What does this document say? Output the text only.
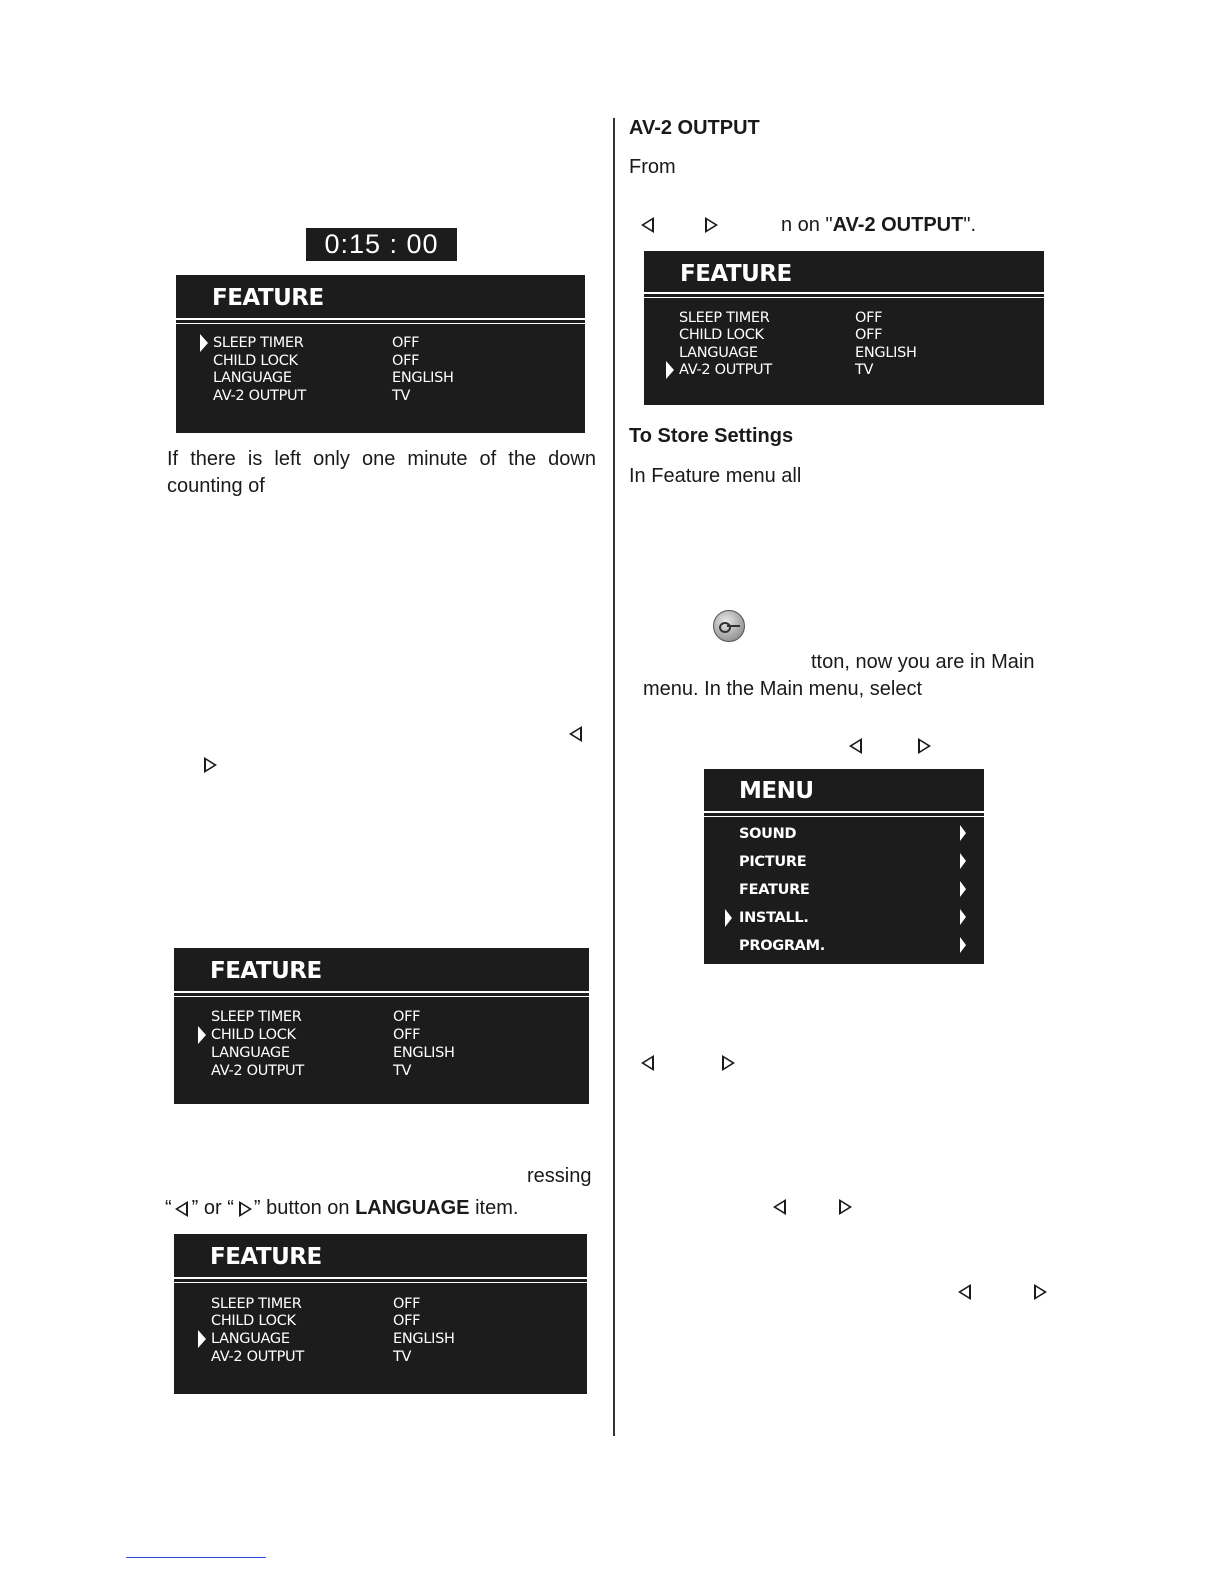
0:15 : 00
FEATURE
SLEEP TIMER	OFF
CHILD LOCK	OFF
LANGUAGE	ENGLISH
AV-2 OUTPUT	TV
If there is left only one minute of the down
counting of
FEATURE
SLEEP TIMER	OFF
CHILD LOCK	OFF
LANGUAGE	ENGLISH
AV-2 OUTPUT	TV
ressing
“ ” or “ ” button on LANGUAGE item.
FEATURE
SLEEP TIMER	OFF
CHILD LOCK	OFF
LANGUAGE	ENGLISH
AV-2 OUTPUT	TV
AV-2 OUTPUT
From
n on "AV-2 OUTPUT".
FEATURE
SLEEP TIMER	OFF
CHILD LOCK	OFF
LANGUAGE	ENGLISH
AV-2 OUTPUT	TV
To Store Settings
In Feature menu all
tton, now you are in Main
menu. In the Main menu, select
MENU
SOUND
PICTURE
FEATURE
INSTALL.
PROGRAM.
